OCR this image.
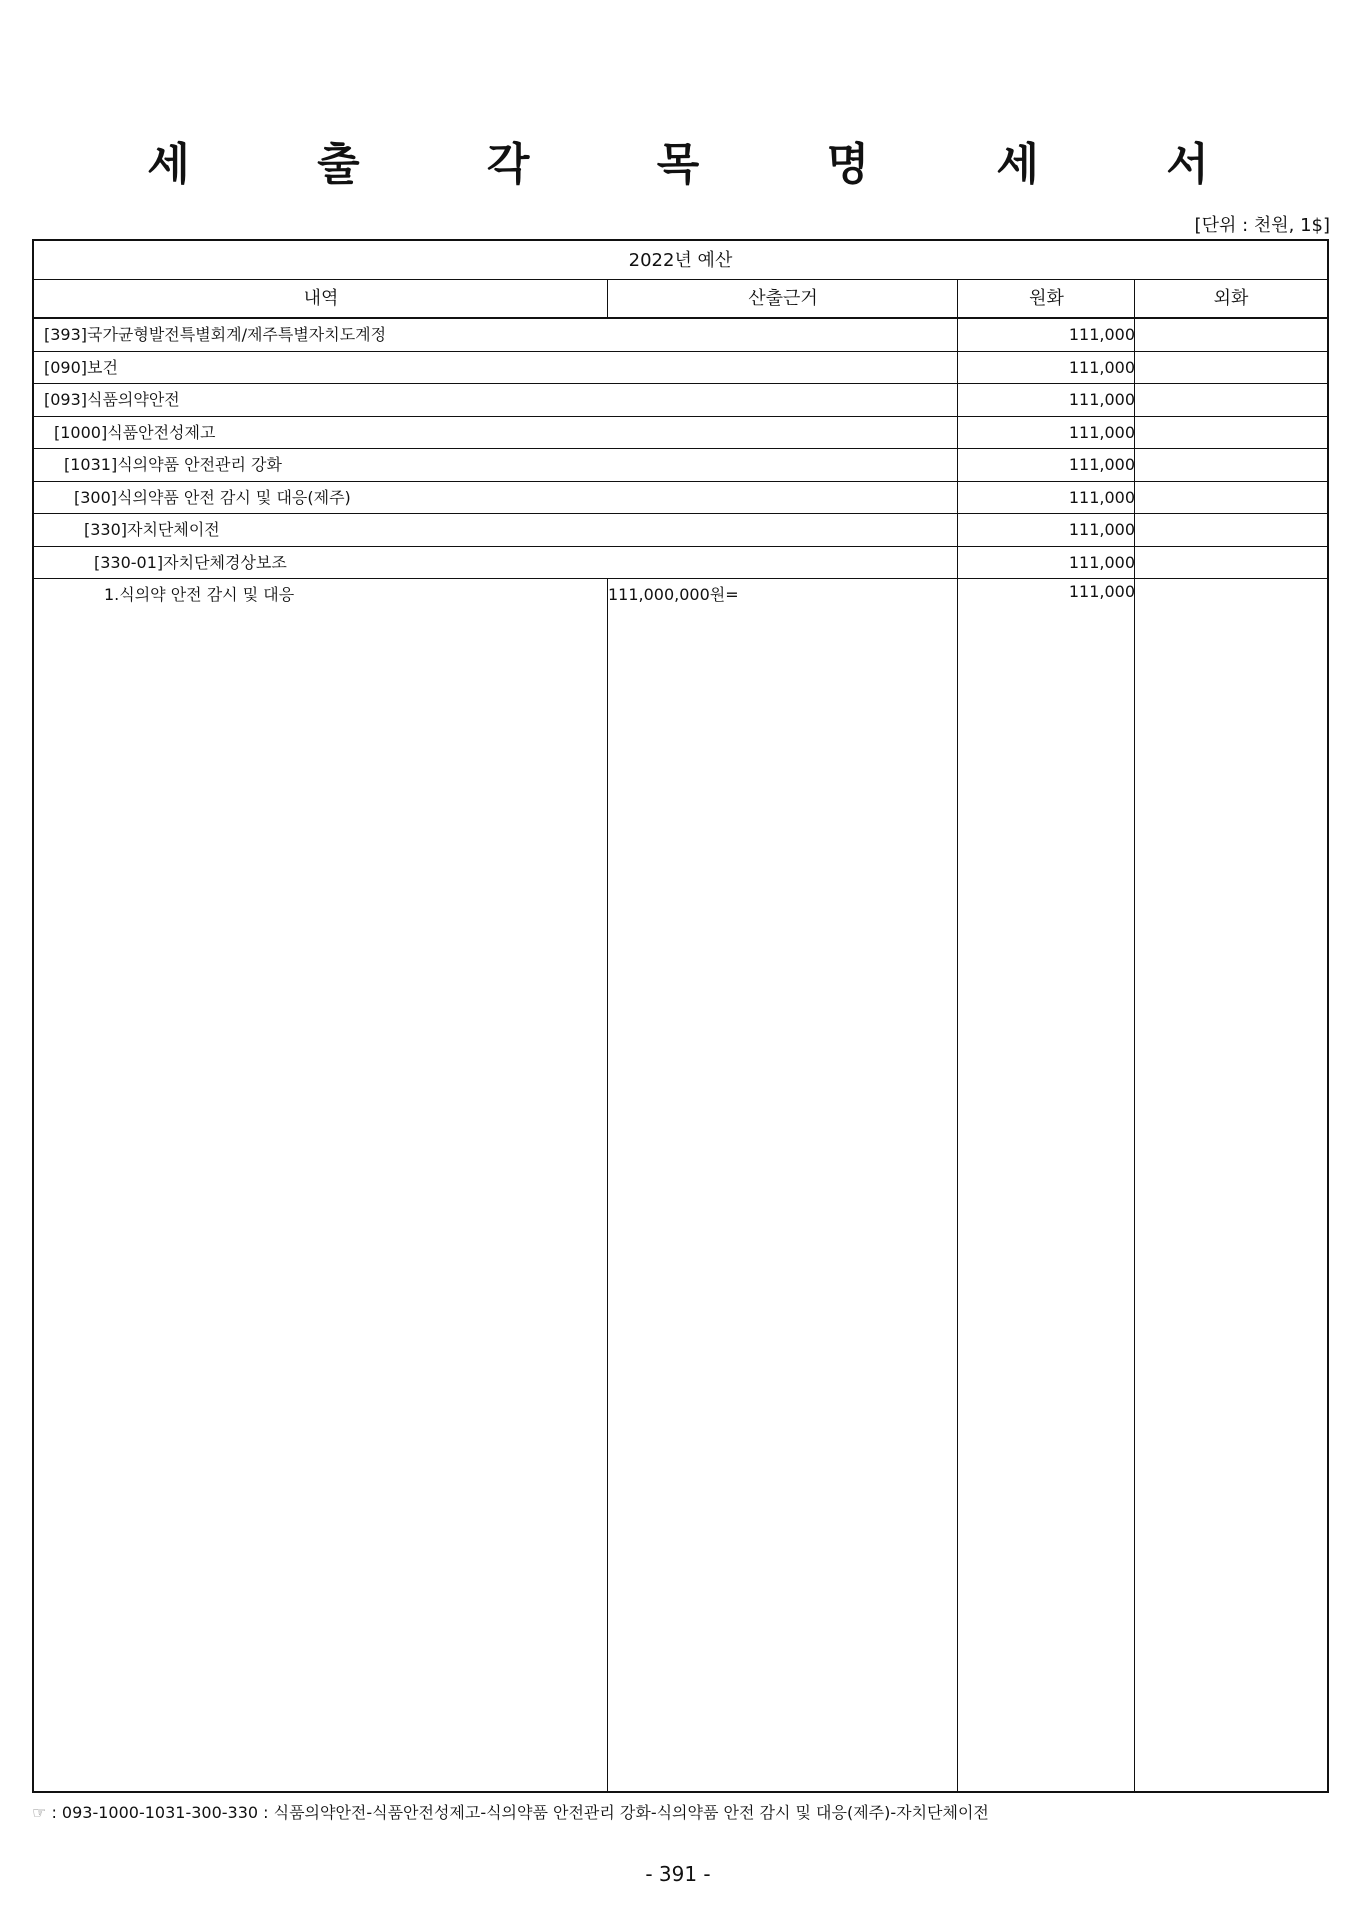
세 출 각 목 명 세 서
[단위 : 천원, 1$]
2022년 예산
내역	산출근거	원화	외화
[393]국가균형발전특별회계/제주특별자치도계정	111,000
[090]보건	111,000
[093]식품의약안전	111,000
[1000]식품안전성제고	111,000
[1031]식의약품 안전관리 강화	111,000
[300]식의약품 안전 감시 및 대응(제주)	111,000
[330]자치단체이전	111,000
[330-01]자치단체경상보조	111,000
1.식의약 안전 감시 및 대응	111,000,000원=	111,000
☞ : 093-1000-1031-300-330 : 식품의약안전-식품안전성제고-식의약품 안전관리 강화-식의약품 안전 감시 및 대응(제주)-자치단체이전
- 391 -
